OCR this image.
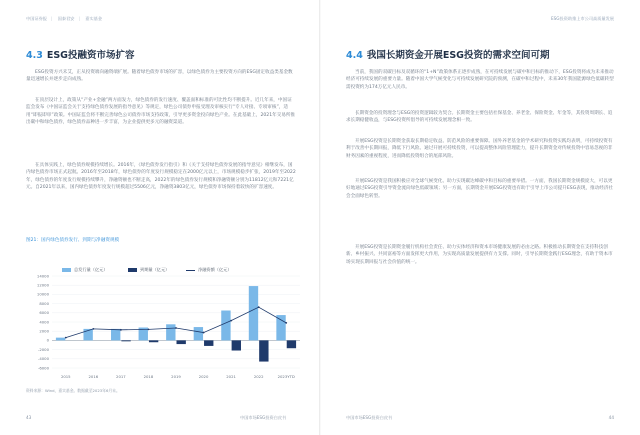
中国证券报 | 国泰君安 | 嘉实基金	ESG投资助推上市公司高质量发展
4.3 ESG投融资市场扩容
ESG投资方兴未艾，正从投资端向融资端扩展。随着绿色债券市场的扩容，以绿色债券为主要投资方向的ESG固定收益类基金数量迅速增长并逐步走向成熟。
在顶层设计上，政策从“产业+金融”两方面发力，绿色债券的发行速度、覆盖面和标准的可比性均不断提升。近几年来，中国证监会发布《中国证监会关于支持绿色债券发展的指导意见》等规定，绿色公司债券申报受理及审核实行“专人对接、专项审核”，适用“即报即审”政策。中国证监会将不断完善绿色公司债券市场支持政策，引导更多资金投向绿色产业。在此基础上，2021年交易所推出碳中和绿色债券，绿色债券品种进一步丰富，为企业提供更多元的融资渠道。
在具体实践上，绿色债券规模持续增长。2016年，《绿色债券发行指引》和《关于支持绿色债券发展的指导意见》相继发布，国内绿色债券市场正式起航。2016年至2018年，绿色债券的年度发行规模稳定在2000亿元以上，市场规模稳步扩张，2019年至2022年，绿色债券的年度发行规模持续攀升，净融资额也不断走高，2022年的绿色债券发行规模和净融资额分别为11812亿元和7221亿元。自2021年以来，国内绿色债券年度发行规模超过5506亿元，净融资3803亿元，绿色债券市场保持着较快的扩容速度。
图21：国内绿色债券发行、到期与净融资规模
总发行量（亿元）	到期量（亿元）	净融资额（亿元）
14000
12000
10000
8000
6000
4000
2000
0
-2000
-4000
-6000
2015	2016	2017	2018	2019	2020	2021	2022	2023YTD
资料来源：Wind，嘉实基金。数据截至2023年6月末。
43	中国市场ESG投资白皮书
4.4 我国长期资金开展ESG投资的需求空间可期
当前，我国的双碳目标及双循环的“1+N”政策体系正逐步成熟，在可持续发展与碳中和目标的推动下，ESG投资将成为未来推动经济可持续发展的重要力量。随着中国大学气候变化与可持续发展研究院的预测，在碳中和过程中，未来30年我国能源绿色低碳转型需投资约为174万亿元人民币。
长期资金的投资理念与ESG的投资逻辑较为契合。长期资金主要包括社保基金、养老金、保险资金、年金等，其投资周期长、追求长期稳健收益，与ESG投资所倡导的可持续发展理念相一致。
开展ESG投资是长期资金获取长期稳定收益、防范风险的重要保障。国外养老基金的学术研究和投资实践均表明，可持续投资有利于改善中长期回报，降低下行风险。通过开展可持续投资，可以提高整体风险管理能力，提升长期资金对传统投资中容易忽视的非财务因素的重视程度，进而降低投资组合的尾部风险。
开展ESG投资是我国积极应对全球气候变化、助力实现碳达峰碳中和目标的重要举措。一方面，我国长期资金规模庞大，可以更好地通过ESG投资引导资金流向绿色低碳领域；另一方面，长期资金开展ESG投资也有助于引导上市公司提升ESG表现，推动经济社会全面绿色转型。
开展ESG投资是长期资金履行机构社会责任、助力实体经济和资本市场健康发展的必由之路。积极推动长期资金在支持科技创新、乡村振兴、共同富裕等方面发挥更大作用，为实现高质量发展提供有力支撑。同时，引导长期资金践行ESG理念，有助于资本市场实现长期回报与社会价值的统一。
44
中国市场ESG投资白皮书
